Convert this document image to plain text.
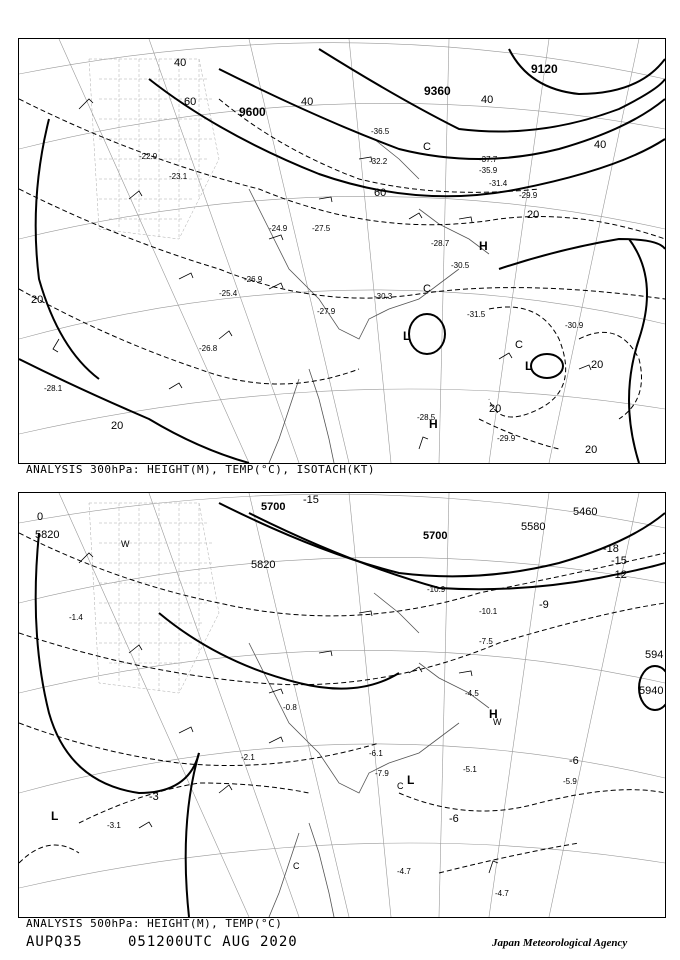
9600
9360
9120
40
60	40	40
60
40
20
20
20
20
20
20
H
H
L
L
C
C
C
-27.5
-30.3
-31.5
-30.9
-28.5
-29.9
-31.4
-37.7
-36.5
-35.9
-32.2
-29.9
-27.9
-24.9
-26.9
-28.7
-25.4
-22.9
-23.1
-26.8
-28.1
-30.5
ANALYSIS 300hPa: HEIGHT(M), TEMP(°C), ISOTACH(KT)
5820
5700
5820
5700
5580
5460
5940
594
-15
-18
-15
-12
-9
-6
-6
-3
0
H
L
L
W
W
C
C
-4.7
-4.7
-5.1
-5.9
-7.9
-6.1
-4.5
-10.9
-10.1
-7.5
-3.1
-2.1
-1.4
-0.8
ANALYSIS 500hPa: HEIGHT(M), TEMP(°C)
AUPQ35	051200UTC AUG 2020	Japan Meteorological Agency
